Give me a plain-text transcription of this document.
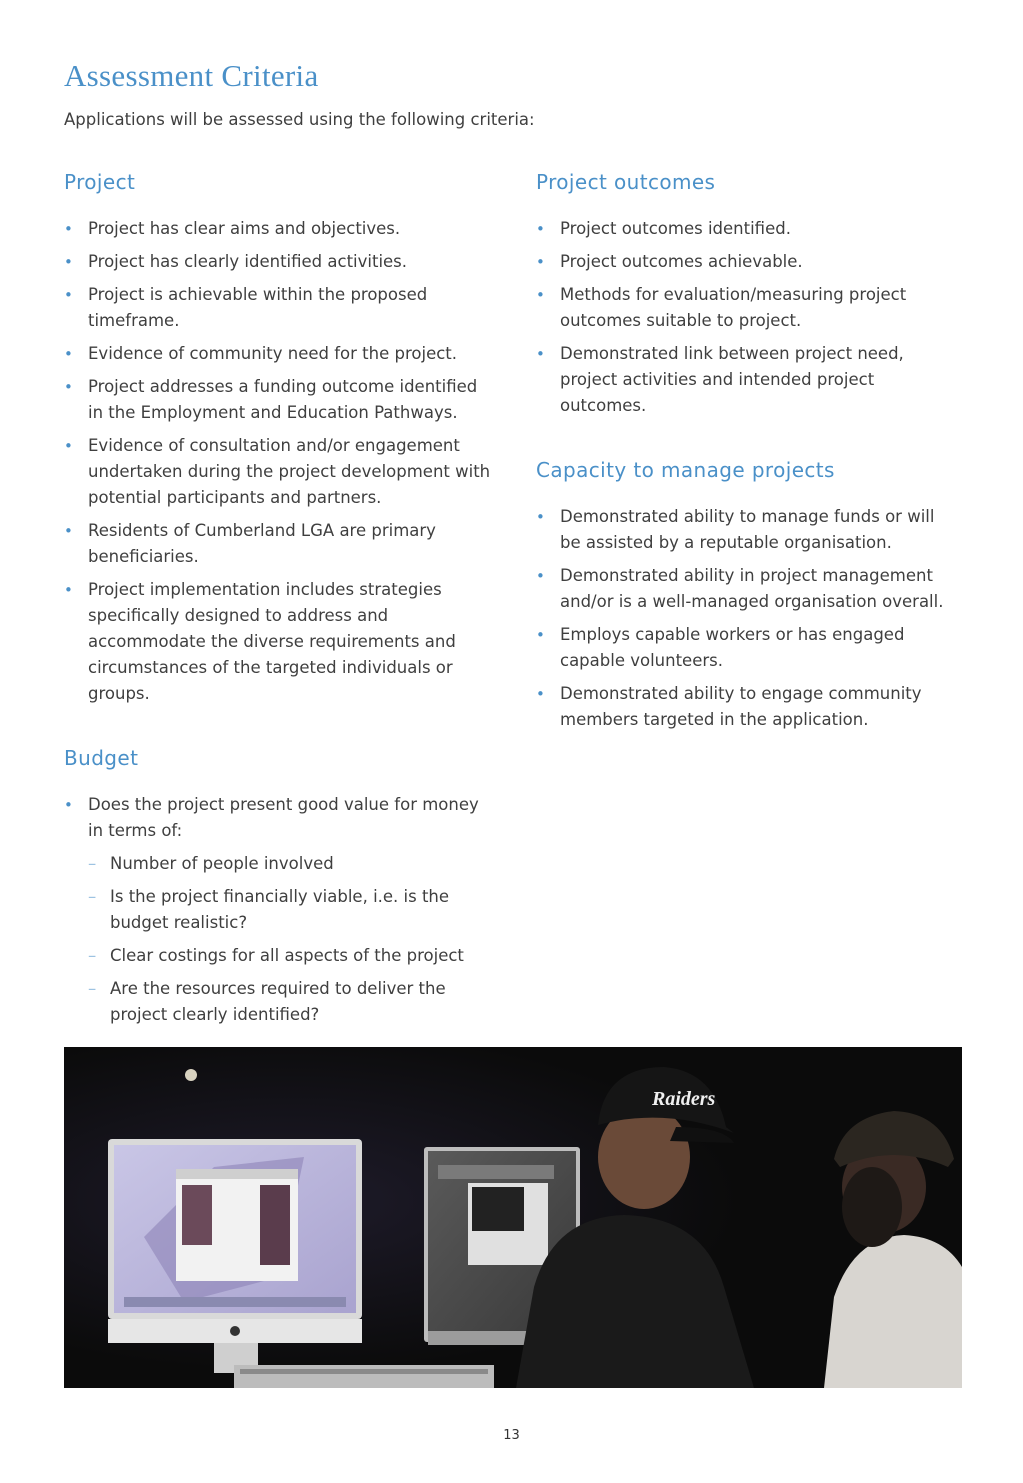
Assessment Criteria

Applications will be assessed using the following criteria:

Project
• Project has clear aims and objectives.
• Project has clearly identified activities.
• Project is achievable within the proposed timeframe.
• Evidence of community need for the project.
• Project addresses a funding outcome identified in the Employment and Education Pathways.
• Evidence of consultation and/or engagement undertaken during the project development with potential participants and partners.
• Residents of Cumberland LGA are primary beneficiaries.
• Project implementation includes strategies specifically designed to address and accommodate the diverse requirements and circumstances of the targeted individuals or groups.
Budget
• Does the project present good value for money in terms of:
– Number of people involved
– Is the project financially viable, i.e. is the budget realistic?
– Clear costings for all aspects of the project
– Are the resources required to deliver the project clearly identified?
Project outcomes
• Project outcomes identified.
• Project outcomes achievable.
• Methods for evaluation/measuring project outcomes suitable to project.
• Demonstrated link between project need, project activities and intended project outcomes.
Capacity to manage projects
• Demonstrated ability to manage funds or will be assisted by a reputable organisation.
• Demonstrated ability in project management and/or is a well-managed organisation overall.
• Employs capable workers or has engaged capable volunteers.
• Demonstrated ability to engage community members targeted in the application.
Raiders
13
